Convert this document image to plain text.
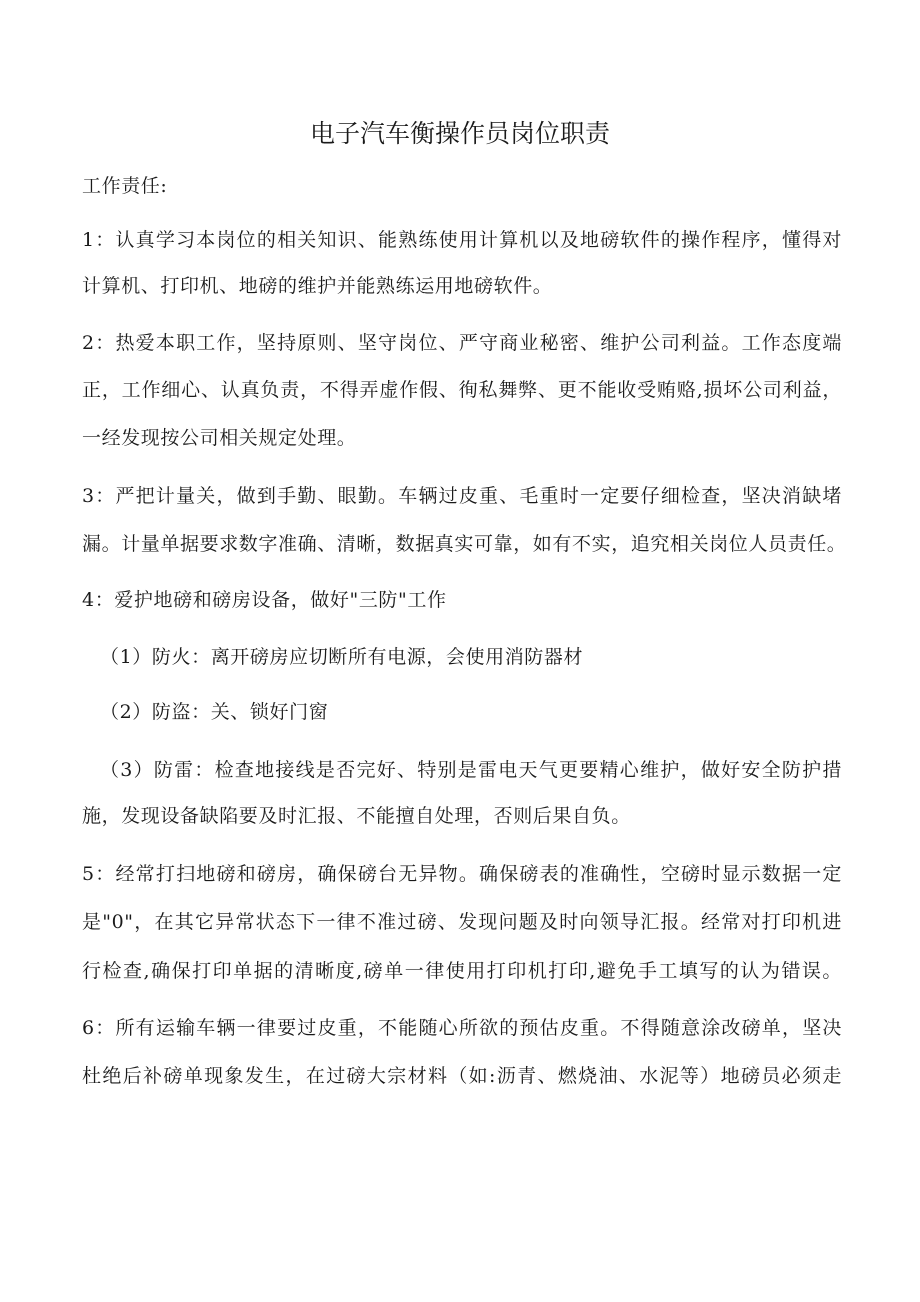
电子汽车衡操作员岗位职责
工作责任:
1：认真学习本岗位的相关知识、能熟练使用计算机以及地磅软件的操作程序，懂得对
计算机、打印机、地磅的维护并能熟练运用地磅软件。
2：热爱本职工作，坚持原则、坚守岗位、严守商业秘密、维护公司利益。工作态度端
正，工作细心、认真负责，不得弄虚作假、徇私舞弊、更不能收受贿赂,损坏公司利益，
一经发现按公司相关规定处理。
3：严把计量关，做到手勤、眼勤。车辆过皮重、毛重时一定要仔细检查，坚决消缺堵
漏。计量单据要求数字准确、清晰，数据真实可靠，如有不实，追究相关岗位人员责任。
4：爱护地磅和磅房设备，做好"三防"工作
（1）防火：离开磅房应切断所有电源，会使用消防器材
（2）防盗：关、锁好门窗
（3）防雷：检查地接线是否完好、特别是雷电天气更要精心维护，做好安全防护措
施，发现设备缺陷要及时汇报、不能擅自处理，否则后果自负。
5：经常打扫地磅和磅房，确保磅台无异物。确保磅表的准确性，空磅时显示数据一定
是"0"，在其它异常状态下一律不准过磅、发现问题及时向领导汇报。经常对打印机进
行检查,确保打印单据的清晰度,磅单一律使用打印机打印,避免手工填写的认为错误。
6：所有运输车辆一律要过皮重，不能随心所欲的预估皮重。不得随意涂改磅单，坚决
杜绝后补磅单现象发生，在过磅大宗材料（如:沥青、燃烧油、水泥等）地磅员必须走
